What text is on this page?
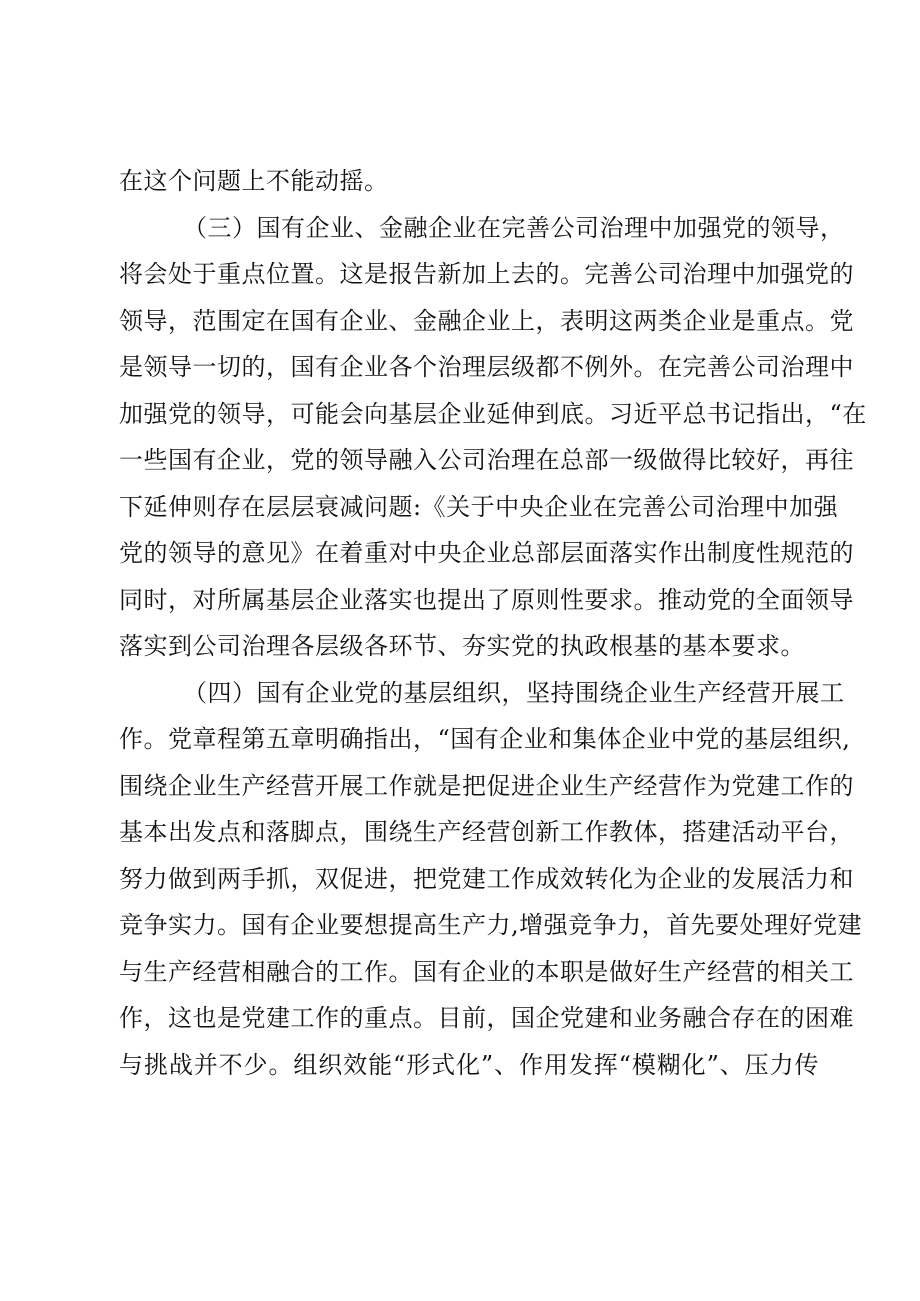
在这个问题上不能动摇。
（三）国有企业、金融企业在完善公司治理中加强党的领导，
将会处于重点位置。这是报告新加上去的。完善公司治理中加强党的
领导，范围定在国有企业、金融企业上，表明这两类企业是重点。党
是领导一切的，国有企业各个治理层级都不例外。在完善公司治理中
加强党的领导，可能会向基层企业延伸到底。习近平总书记指出，“在
一些国有企业，党的领导融入公司治理在总部一级做得比较好，再往
下延伸则存在层层衰减问题:《关于中央企业在完善公司治理中加强
党的领导的意见》在着重对中央企业总部层面落实作出制度性规范的
同时，对所属基层企业落实也提出了原则性要求。推动党的全面领导
落实到公司治理各层级各环节、夯实党的执政根基的基本要求。
（四）国有企业党的基层组织，坚持围绕企业生产经营开展工
作。党章程第五章明确指出，“国有企业和集体企业中党的基层组织,
围绕企业生产经营开展工作就是把促进企业生产经营作为党建工作的
基本出发点和落脚点，围绕生产经营创新工作教体，搭建活动平台，
努力做到两手抓，双促进，把党建工作成效转化为企业的发展活力和
竞争实力。国有企业要想提高生产力,增强竞争力，首先要处理好党建
与生产经营相融合的工作。国有企业的本职是做好生产经营的相关工
作，这也是党建工作的重点。目前，国企党建和业务融合存在的困难
与挑战并不少。组织效能“形式化”、作用发挥“模糊化”、压力传
